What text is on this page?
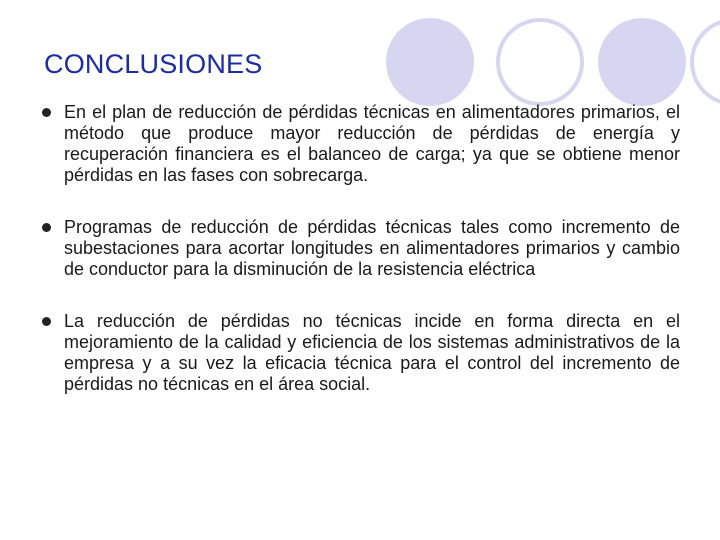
CONCLUSIONES
En el plan de reducción de pérdidas técnicas en alimentadores primarios, el método que produce mayor reducción de pérdidas de energía y recuperación financiera es el balanceo de carga; ya que se obtiene menor pérdidas en las fases con sobrecarga.
Programas de reducción de pérdidas técnicas tales como incremento de subestaciones para acortar longitudes en alimentadores primarios y cambio de conductor para la disminución de la resistencia eléctrica
La reducción de pérdidas no técnicas incide en forma directa en el mejoramiento de la calidad y eficiencia de los sistemas administrativos de la empresa y a su vez la eficacia técnica para el control del incremento de pérdidas no técnicas en el área social.
